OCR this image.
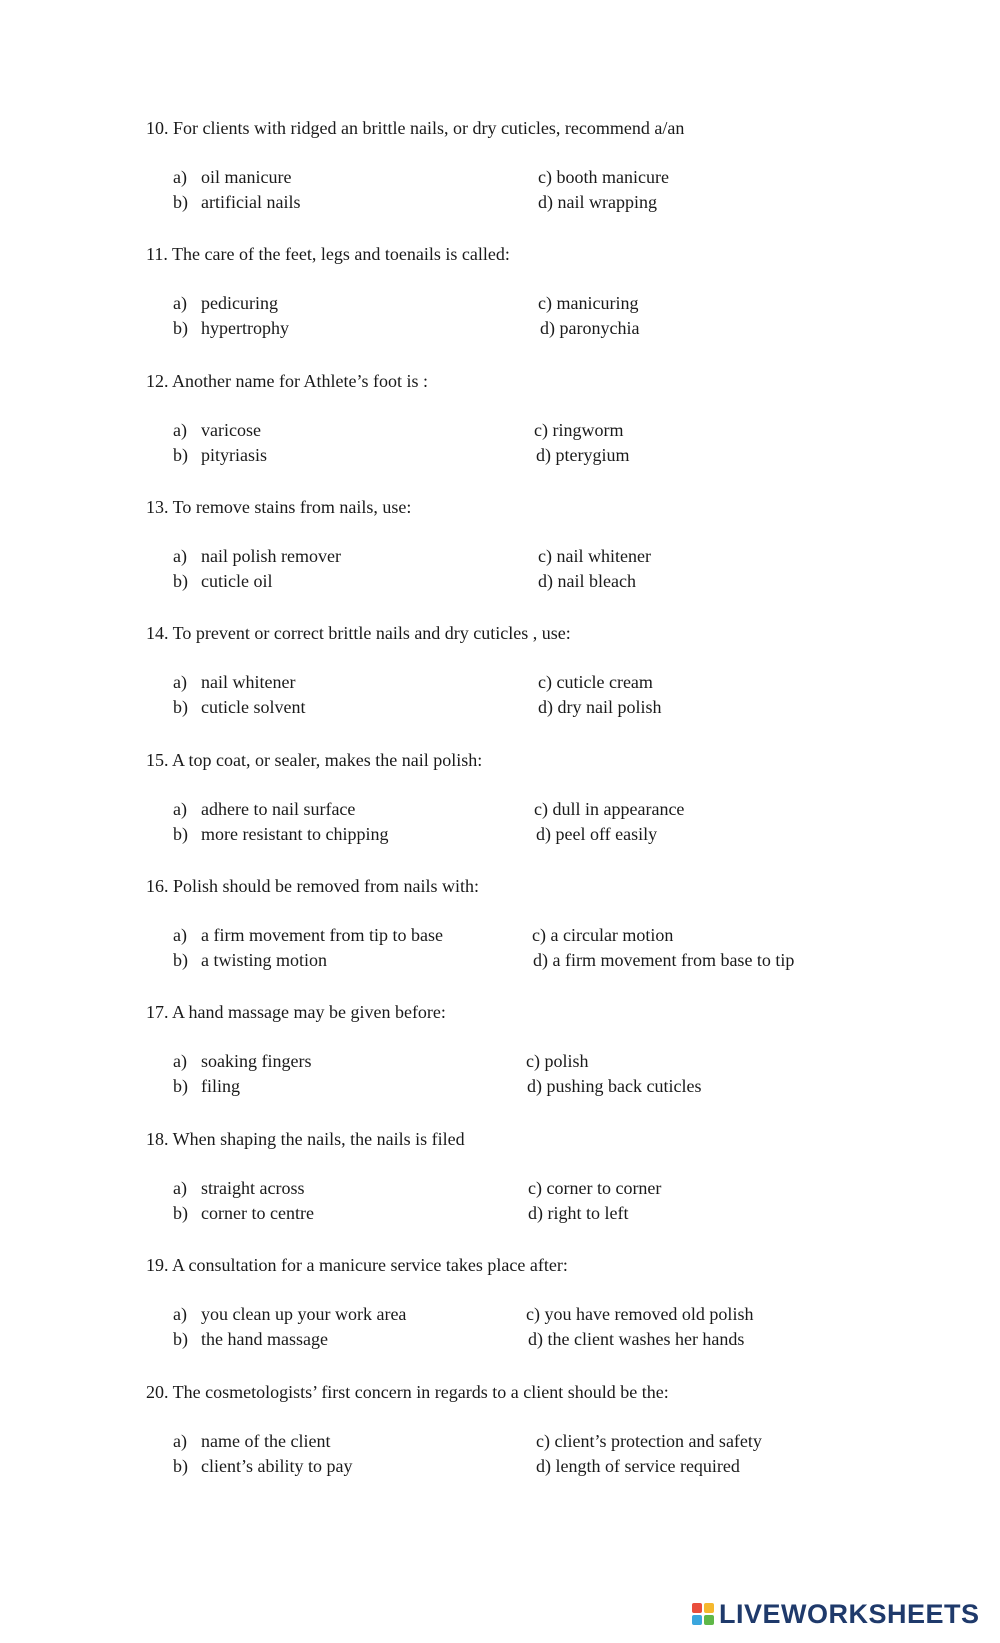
10. For clients with ridged an brittle nails, or dry cuticles, recommend a/an
a) oil manicure
b) artificial nails
c) booth manicure
d) nail wrapping
11. The care of the feet, legs and toenails is called:
a) pedicuring
b) hypertrophy
c) manicuring
d) paronychia
12. Another name for Athlete’s foot is :
a) varicose
b) pityriasis
c) ringworm
d) pterygium
13. To remove stains from nails, use:
a) nail polish remover
b) cuticle oil
c) nail whitener
d) nail bleach
14. To prevent or correct brittle nails and dry cuticles , use:
a) nail whitener
b) cuticle solvent
c) cuticle cream
d) dry nail polish
15. A top coat, or sealer, makes the nail polish:
a) adhere to nail surface
b) more resistant to chipping
c) dull in appearance
d) peel off easily
16. Polish should be removed from nails with:
a) a firm movement from tip to base
b) a twisting motion
c) a circular motion
d) a firm movement from base to tip
17. A hand massage may be given before:
a) soaking fingers
b) filing
c) polish
d) pushing back cuticles
18. When shaping the nails, the nails is filed
a) straight across
b) corner to centre
c) corner to corner
d) right to left
19. A consultation for a manicure service takes place after:
a) you clean up your work area
b) the hand massage
c) you have removed old polish
d) the client washes her hands
20. The cosmetologists’ first concern in regards to a client should be the:
a) name of the client
b) client’s ability to pay
c) client’s protection and safety
d) length of service required
LIVEWORKSHEETS
